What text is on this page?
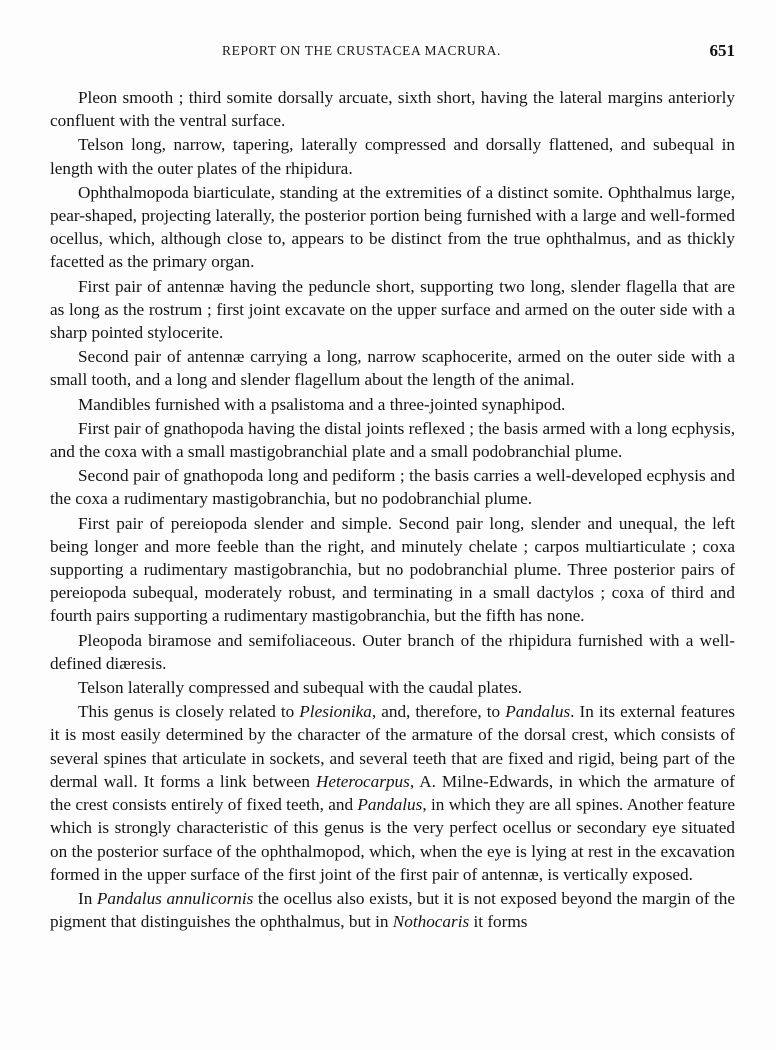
REPORT ON THE CRUSTACEA MACRURA.	651

Pleon smooth ; third somite dorsally arcuate, sixth short, having the lateral margins anteriorly confluent with the ventral surface.

Telson long, narrow, tapering, laterally compressed and dorsally flattened, and subequal in length with the outer plates of the rhipidura.

Ophthalmopoda biarticulate, standing at the extremities of a distinct somite. Ophthalmus large, pear-shaped, projecting laterally, the posterior portion being furnished with a large and well-formed ocellus, which, although close to, appears to be distinct from the true ophthalmus, and as thickly facetted as the primary organ.

First pair of antennæ having the peduncle short, supporting two long, slender flagella that are as long as the rostrum ; first joint excavate on the upper surface and armed on the outer side with a sharp pointed stylocerite.

Second pair of antennæ carrying a long, narrow scaphocerite, armed on the outer side with a small tooth, and a long and slender flagellum about the length of the animal.

Mandibles furnished with a psalistoma and a three-jointed synaphipod.

First pair of gnathopoda having the distal joints reflexed ; the basis armed with a long ecphysis, and the coxa with a small mastigobranchial plate and a small podobranchial plume.

Second pair of gnathopoda long and pediform ; the basis carries a well-developed ecphysis and the coxa a rudimentary mastigobranchia, but no podobranchial plume.

First pair of pereiopoda slender and simple. Second pair long, slender and unequal, the left being longer and more feeble than the right, and minutely chelate ; carpos multiarticulate ; coxa supporting a rudimentary mastigobranchia, but no podobranchial plume. Three posterior pairs of pereiopoda subequal, moderately robust, and terminating in a small dactylos ; coxa of third and fourth pairs supporting a rudimentary mastigobranchia, but the fifth has none.

Pleopoda biramose and semifoliaceous. Outer branch of the rhipidura furnished with a well-defined diæresis.

Telson laterally compressed and subequal with the caudal plates.

This genus is closely related to Plesionika, and, therefore, to Pandalus. In its external features it is most easily determined by the character of the armature of the dorsal crest, which consists of several spines that articulate in sockets, and several teeth that are fixed and rigid, being part of the dermal wall. It forms a link between Heterocarpus, A. Milne-Edwards, in which the armature of the crest consists entirely of fixed teeth, and Pandalus, in which they are all spines. Another feature which is strongly characteristic of this genus is the very perfect ocellus or secondary eye situated on the posterior surface of the ophthalmopod, which, when the eye is lying at rest in the excavation formed in the upper surface of the first joint of the first pair of antennæ, is vertically exposed.

In Pandalus annulicornis the ocellus also exists, but it is not exposed beyond the margin of the pigment that distinguishes the ophthalmus, but in Nothocaris it forms
